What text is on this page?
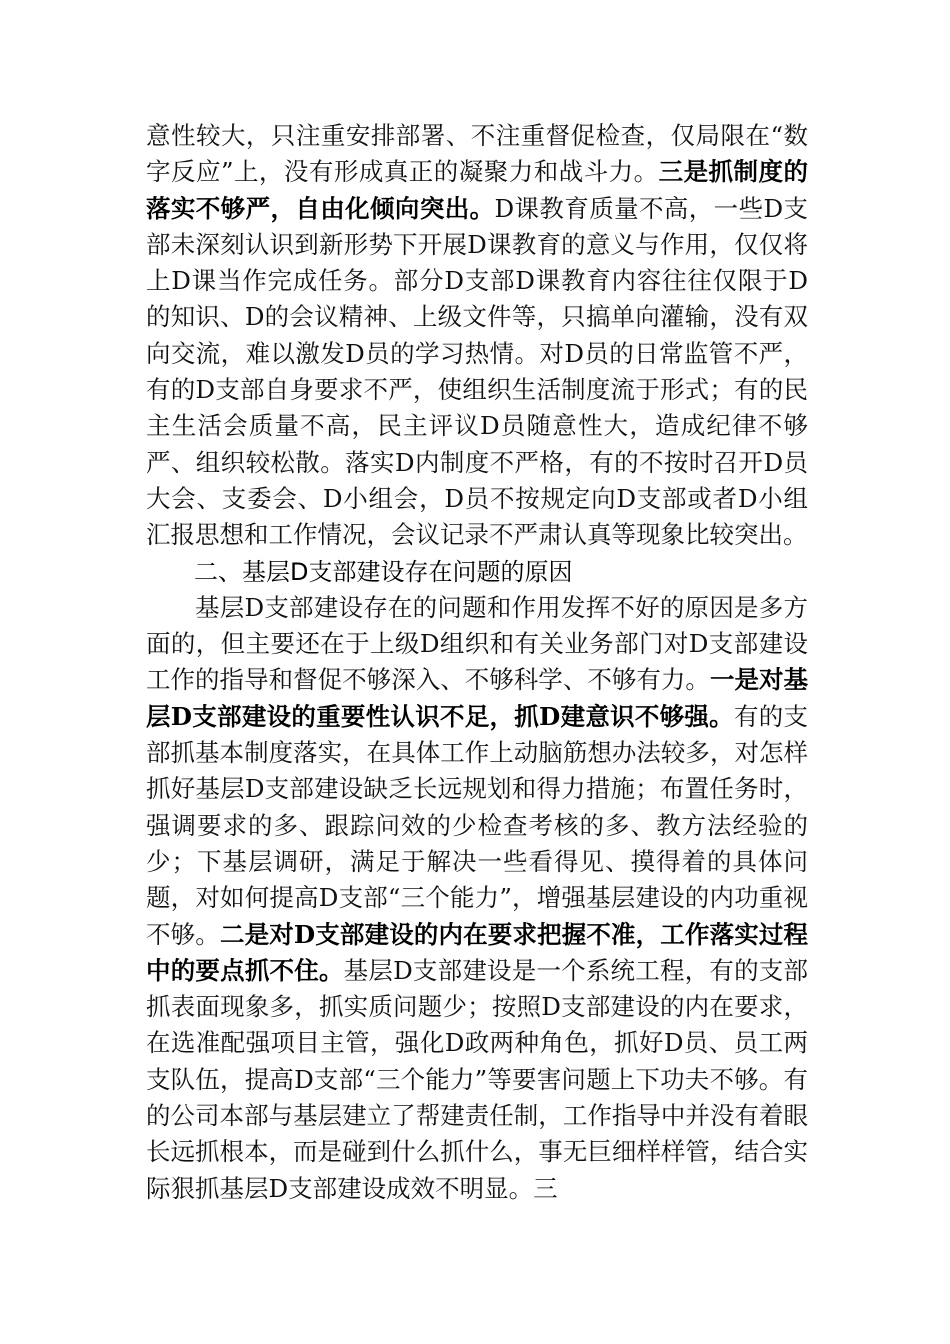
意性较大，只注重安排部署、不注重督促检查，仅局限在“数字反应”上，没有形成真正的凝聚力和战斗力。三是抓制度的落实不够严，自由化倾向突出。D课教育质量不高，一些D支部未深刻认识到新形势下开展D课教育的意义与作用，仅仅将上D课当作完成任务。部分D支部D课教育内容往往仅限于D的知识、D的会议精神、上级文件等，只搞单向灌输，没有双向交流，难以激发D员的学习热情。对D员的日常监管不严，有的D支部自身要求不严，使组织生活制度流于形式；有的民主生活会质量不高，民主评议D员随意性大，造成纪律不够严、组织较松散。落实D内制度不严格，有的不按时召开D员大会、支委会、D小组会，D员不按规定向D支部或者D小组汇报思想和工作情况，会议记录不严肃认真等现象比较突出。

二、基层D支部建设存在问题的原因

基层D支部建设存在的问题和作用发挥不好的原因是多方面的，但主要还在于上级D组织和有关业务部门对D支部建设工作的指导和督促不够深入、不够科学、不够有力。一是对基层D支部建设的重要性认识不足，抓D建意识不够强。有的支部抓基本制度落实，在具体工作上动脑筋想办法较多，对怎样抓好基层D支部建设缺乏长远规划和得力措施；布置任务时，强调要求的多、跟踪问效的少检查考核的多、教方法经验的少；下基层调研，满足于解决一些看得见、摸得着的具体问题，对如何提高D支部“三个能力”，增强基层建设的内功重视不够。二是对D支部建设的内在要求把握不准，工作落实过程中的要点抓不住。基层D支部建设是一个系统工程，有的支部抓表面现象多，抓实质问题少；按照D支部建设的内在要求，在选准配强项目主管，强化D政两种角色，抓好D员、员工两支队伍，提高D支部“三个能力”等要害问题上下功夫不够。有的公司本部与基层建立了帮建责任制，工作指导中并没有着眼长远抓根本，而是碰到什么抓什么，事无巨细样样管，结合实际狠抓基层D支部建设成效不明显。三
